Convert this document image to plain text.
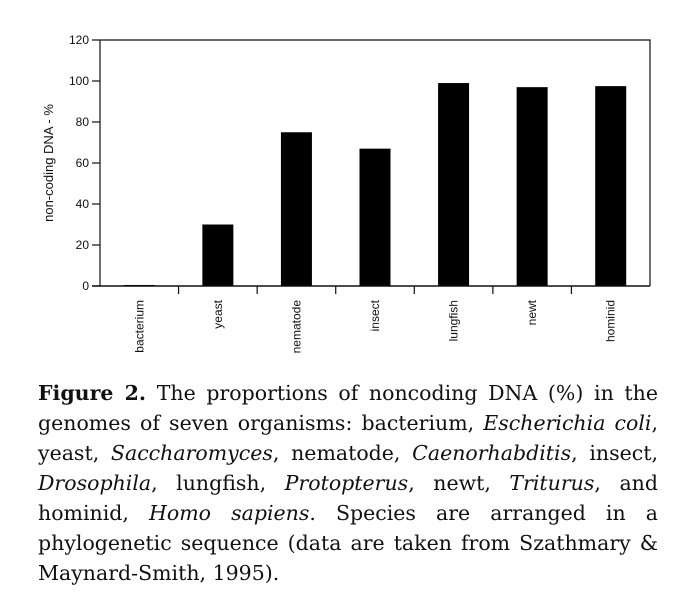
0
20
40
60
80
100
120
bacterium	yeast	nematode	insect	lungfish	newt	hominid
non-coding DNA - %
Figure 2. The proportions of noncoding DNA (%) in the genomes of seven organisms: bacterium, Escherichia coli, yeast, Saccharomyces, nematode, Caenorhabditis, insect, Drosophila, lungfish, Protopterus, newt, Triturus, and hominid, Homo sapiens. Species are arranged in a phylogenetic sequence (data are taken from Szathmary & Maynard-Smith, 1995).
